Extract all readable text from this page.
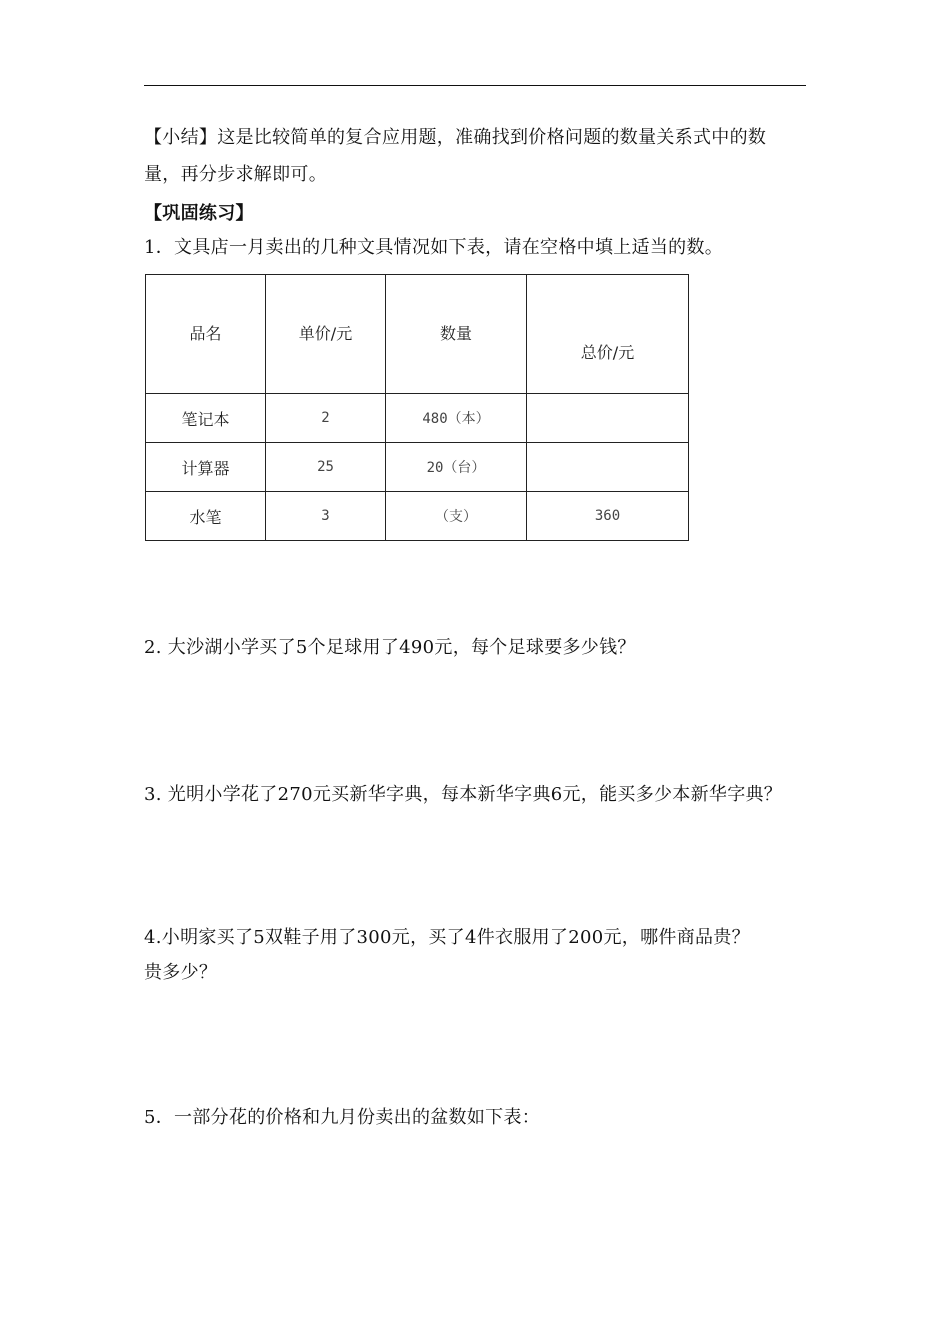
【小结】这是比较简单的复合应用题，准确找到价格问题的数量关系式中的数
量，再分步求解即可。
【巩固练习】
1．文具店一月卖出的几种文具情况如下表，请在空格中填上适当的数。
品名	单价/元	数量	总价/元
笔记本	2	480（本）	
计算器	25	20（台）	
水笔	3	（支）	360
2. 大沙湖小学买了5个足球用了490元，每个足球要多少钱？
3. 光明小学花了270元买新华字典，每本新华字典6元，能买多少本新华字典？
4.小明家买了5双鞋子用了300元，买了4件衣服用了200元，哪件商品贵？
贵多少？
5．一部分花的价格和九月份卖出的盆数如下表：
